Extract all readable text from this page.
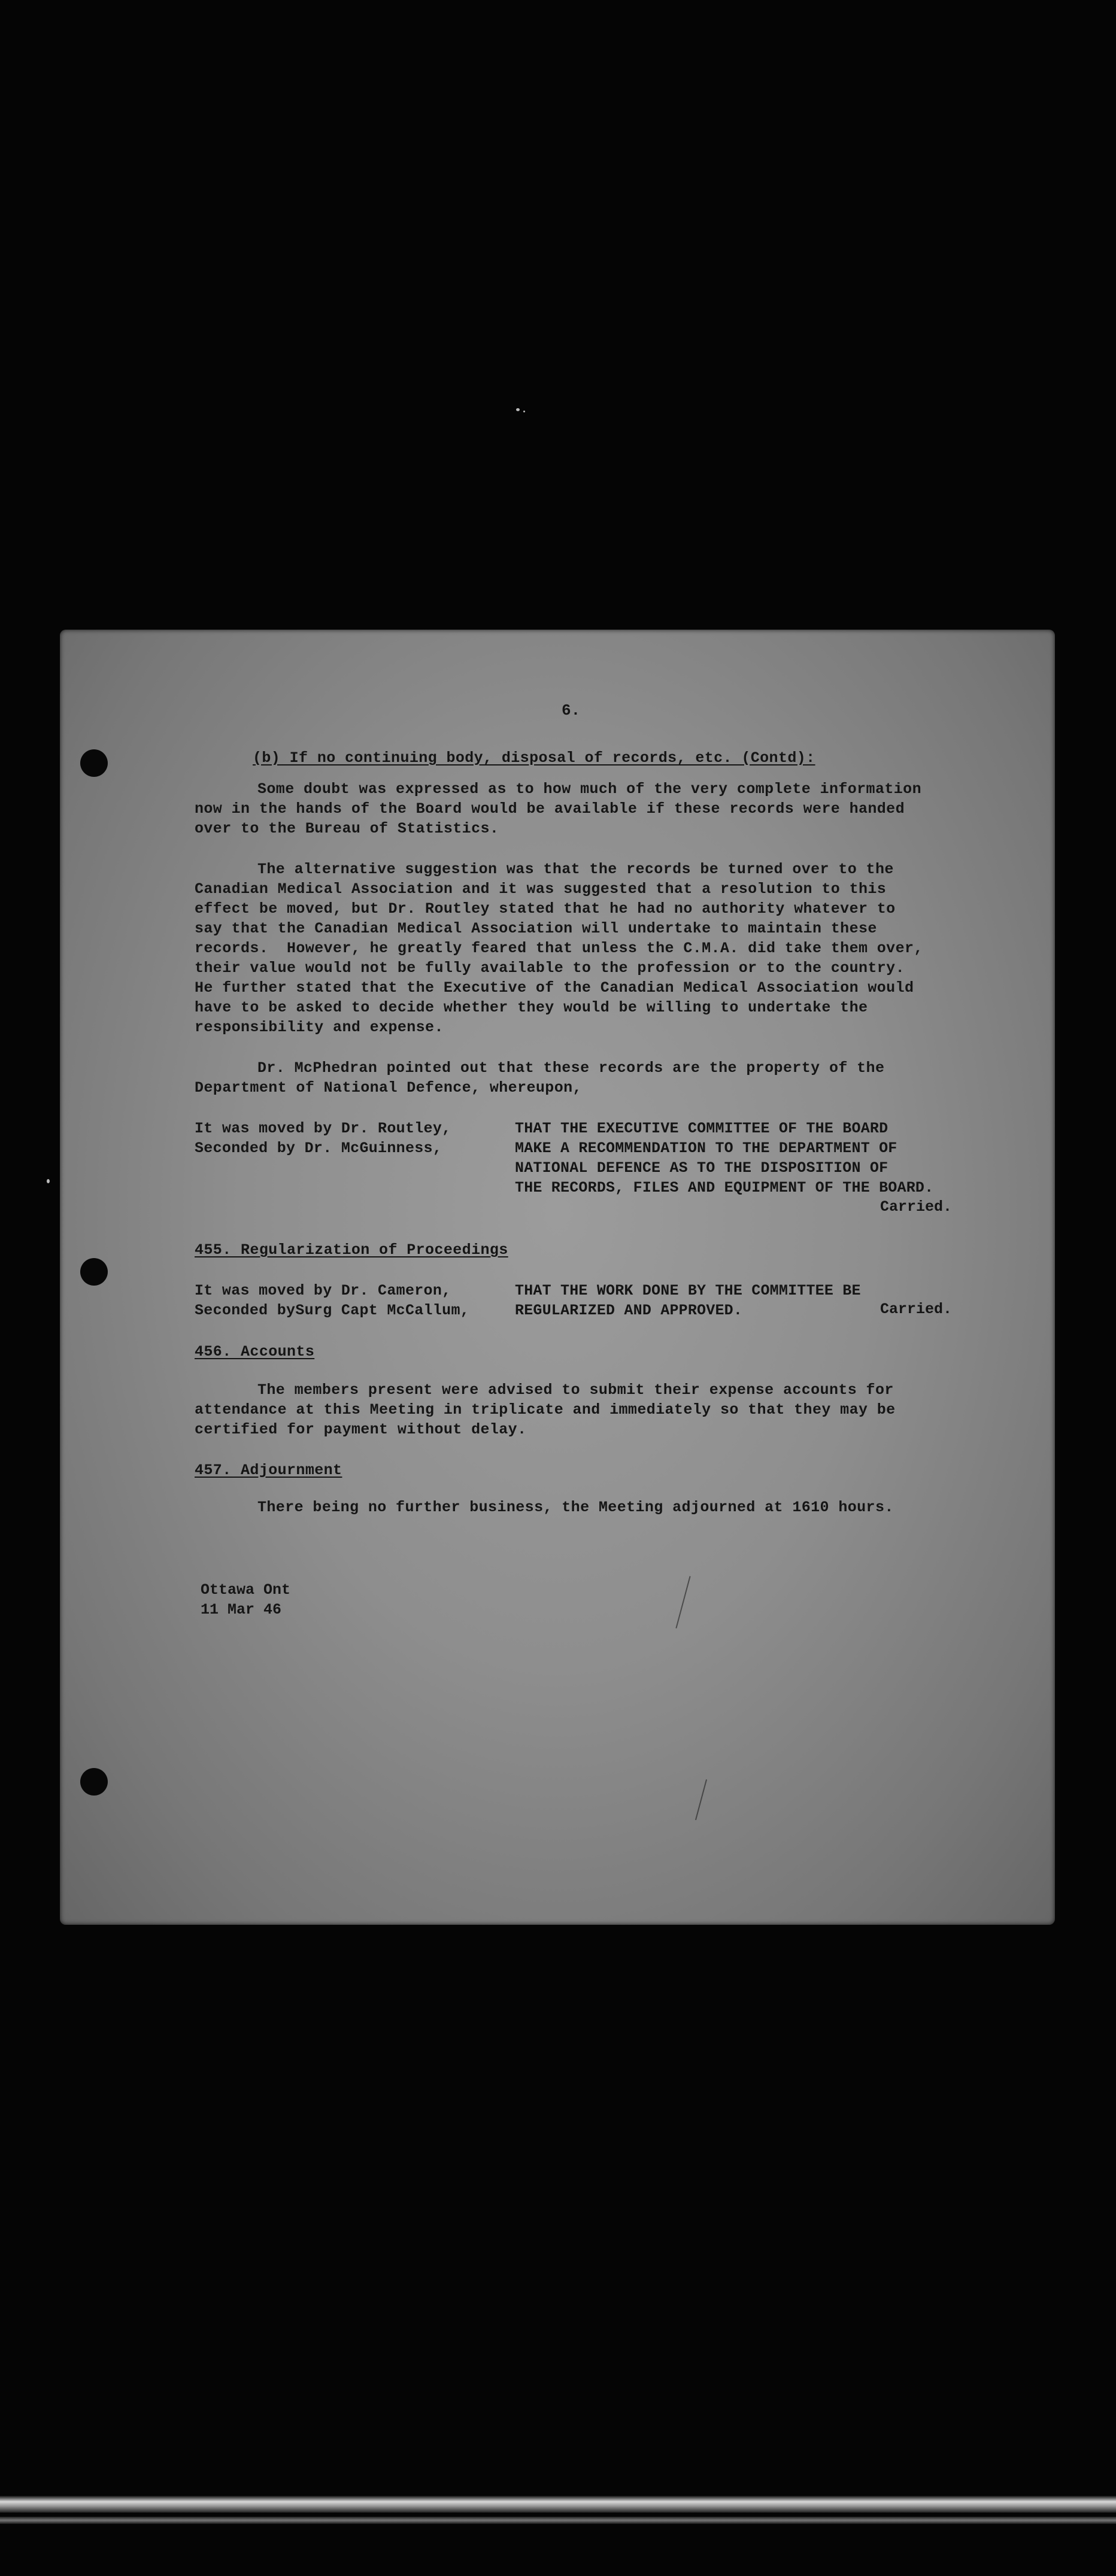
6.
(b) If no continuing body, disposal of records, etc. (Contd):
Some doubt was expressed as to how much of the very complete information
now in the hands of the Board would be available if these records were handed
over to the Bureau of Statistics.
The alternative suggestion was that the records be turned over to the
Canadian Medical Association and it was suggested that a resolution to this
effect be moved, but Dr. Routley stated that he had no authority whatever to
say that the Canadian Medical Association will undertake to maintain these
records.  However, he greatly feared that unless the C.M.A. did take them over,
their value would not be fully available to the profession or to the country.
He further stated that the Executive of the Canadian Medical Association would
have to be asked to decide whether they would be willing to undertake the
responsibility and expense.
Dr. McPhedran pointed out that these records are the property of the
Department of National Defence, whereupon,
It was moved by Dr. Routley,
Seconded by Dr. McGuinness,
THAT THE EXECUTIVE COMMITTEE OF THE BOARD
MAKE A RECOMMENDATION TO THE DEPARTMENT OF
NATIONAL DEFENCE AS TO THE DISPOSITION OF
THE RECORDS, FILES AND EQUIPMENT OF THE BOARD.
Carried.
455. Regularization of Proceedings
It was moved by Dr. Cameron,
Seconded bySurg Capt McCallum,
THAT THE WORK DONE BY THE COMMITTEE BE
REGULARIZED AND APPROVED.	Carried.
456. Accounts
The members present were advised to submit their expense accounts for
attendance at this Meeting in triplicate and immediately so that they may be
certified for payment without delay.
457. Adjournment
There being no further business, the Meeting adjourned at 1610 hours.
Ottawa Ont
11 Mar 46
